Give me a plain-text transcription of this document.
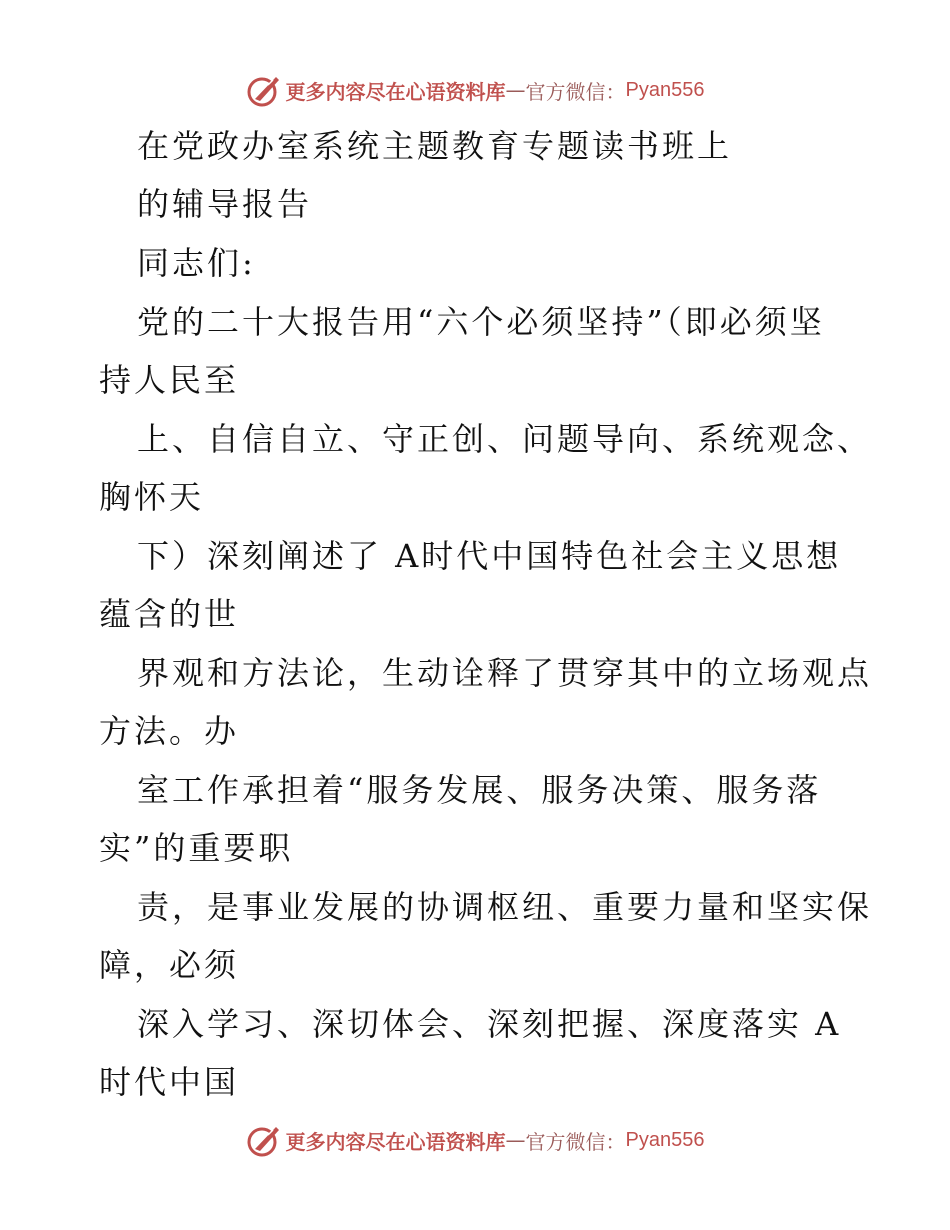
更多内容尽在心语资料库 — 官方微信： Pyan556
在党政办室系统主题教育专题读书班上
的辅导报告
同志们:
党的二十大报告用“六个必须坚持”（即必须坚
持人民至
上、自信自立、守正创、问题导向、系统观念、
胸怀天
下）深刻阐述了 A时代中国特色社会主义思想
蕴含的世
界观和方法论，生动诠释了贯穿其中的立场观点
方法。办
室工作承担着“服务发展、服务决策、服务落
实”的重要职
责，是事业发展的协调枢纽、重要力量和坚实保
障，必须
深入学习、深切体会、深刻把握、深度落实 A
时代中国
更多内容尽在心语资料库 — 官方微信： Pyan556
